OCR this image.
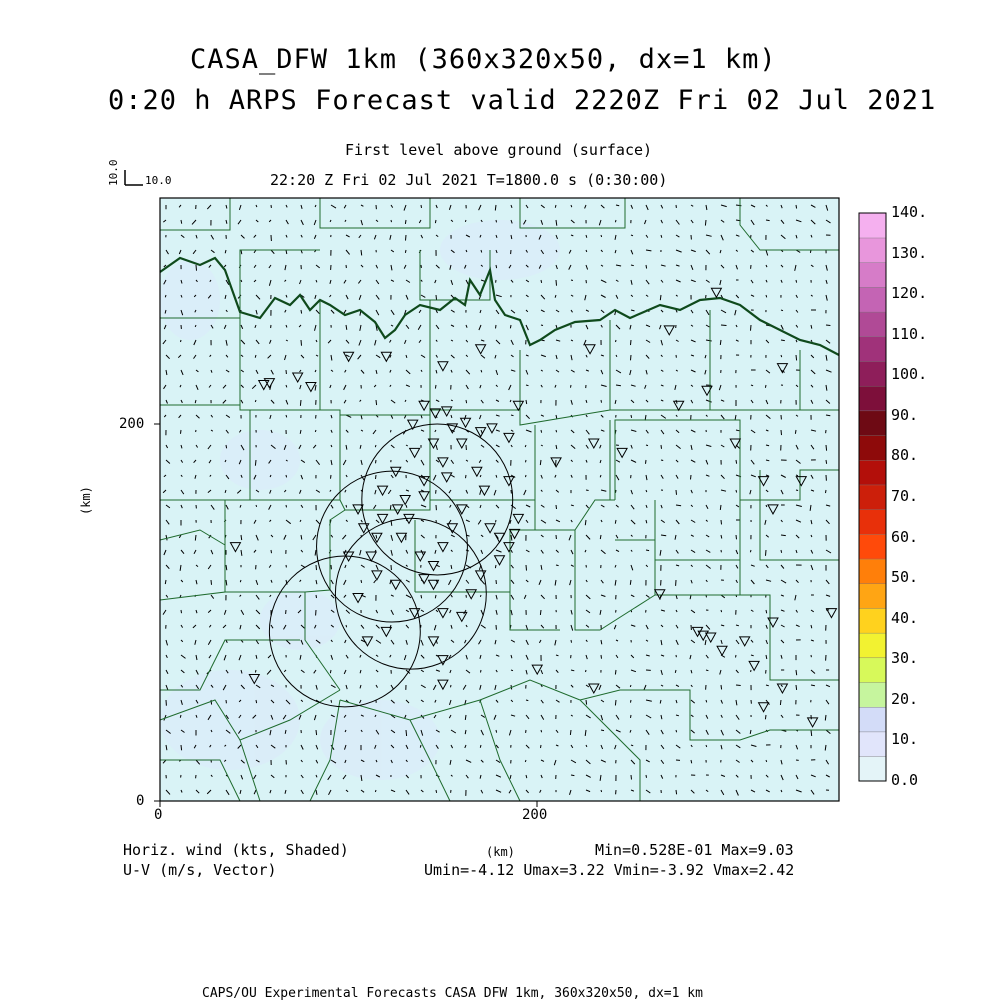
CASA_DFW 1km (360x320x50, dx=1 km)
0:20 h ARPS Forecast valid 2220Z Fri 02 Jul 2021
First level above ground (surface)
22:20 Z Fri 02 Jul 2021 T=1800.0 s (0:30:00)
10.0 10.0
(km)
(km)
0	200
0
200
Horiz. wind (kts, Shaded)
U-V (m/s, Vector)
Min=0.528E-01 Max=9.03
Umin=-4.12 Umax=3.22 Vmin=-3.92 Vmax=2.42
CAPS/OU Experimental Forecasts CASA DFW 1km, 360x320x50, dx=1 km
0.0
10.
20.
30.
40.
50.
60.
70.
80.
90.
100.
110.
120.
130.
140.
